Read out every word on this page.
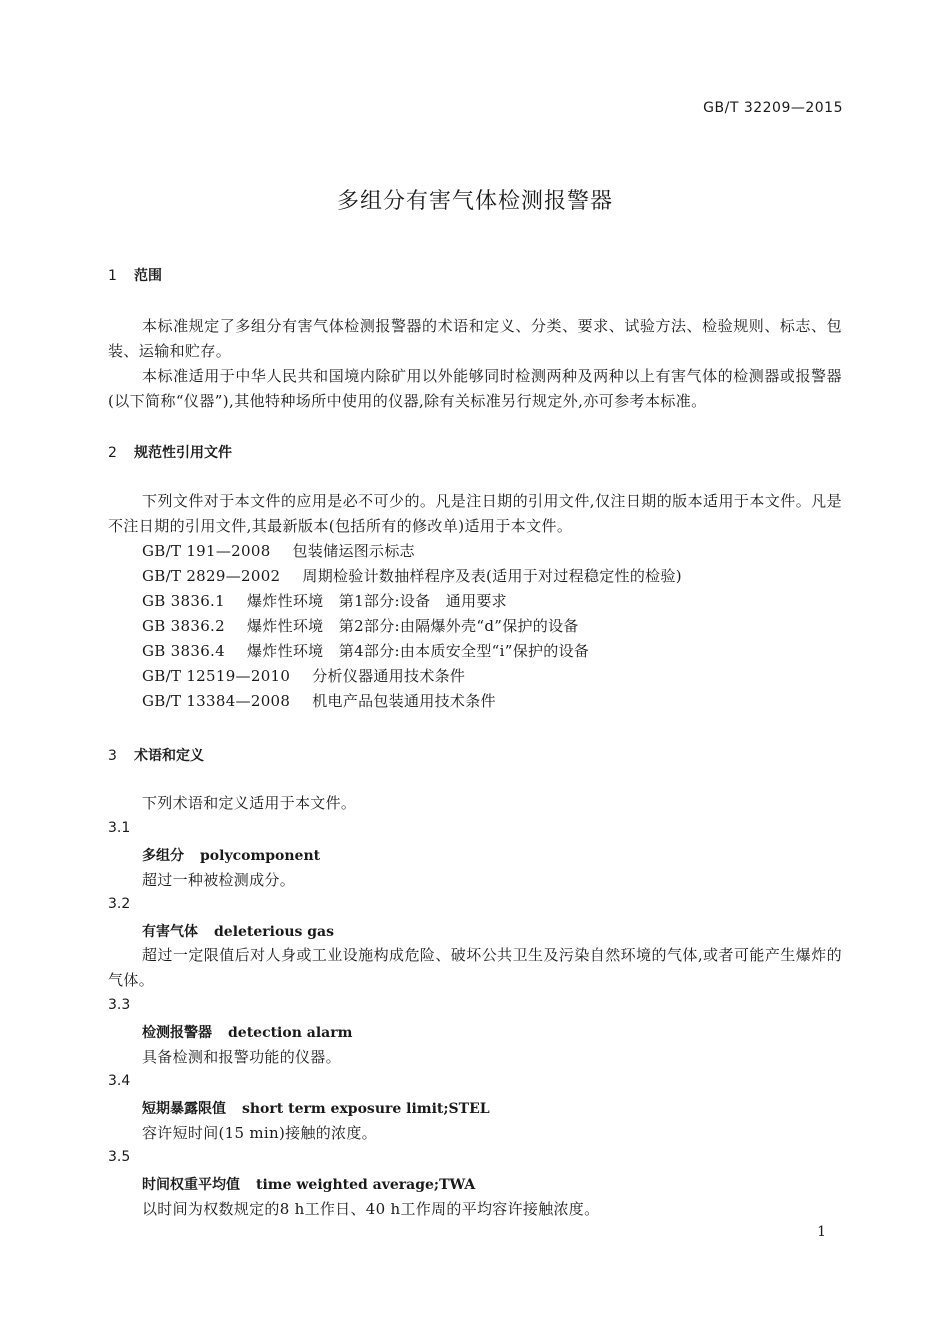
GB/T 32209—2015
多组分有害气体检测报警器
1 范围
本标准规定了多组分有害气体检测报警器的术语和定义、分类、要求、试验方法、检验规则、标志、包装、运输和贮存。
本标准适用于中华人民共和国境内除矿用以外能够同时检测两种及两种以上有害气体的检测器或报警器(以下简称“仪器”),其他特种场所中使用的仪器,除有关标准另行规定外,亦可参考本标准。
2 规范性引用文件
下列文件对于本文件的应用是必不可少的。凡是注日期的引用文件,仅注日期的版本适用于本文件。凡是不注日期的引用文件,其最新版本(包括所有的修改单)适用于本文件。
GB/T 191—2008 包装储运图示标志
GB/T 2829—2002 周期检验计数抽样程序及表(适用于对过程稳定性的检验)
GB 3836.1 爆炸性环境　第1部分:设备　通用要求
GB 3836.2 爆炸性环境　第2部分:由隔爆外壳“d”保护的设备
GB 3836.4 爆炸性环境　第4部分:由本质安全型“i”保护的设备
GB/T 12519—2010 分析仪器通用技术条件
GB/T 13384—2008 机电产品包装通用技术条件
3 术语和定义
下列术语和定义适用于本文件。
3.1
多组分 polycomponent
超过一种被检测成分。
3.2
有害气体 deleterious gas
超过一定限值后对人身或工业设施构成危险、破坏公共卫生及污染自然环境的气体,或者可能产生爆炸的气体。
3.3
检测报警器 detection alarm
具备检测和报警功能的仪器。
3.4
短期暴露限值 short term exposure limit;STEL
容许短时间(15 min)接触的浓度。
3.5
时间权重平均值 time weighted average;TWA
以时间为权数规定的8 h工作日、40 h工作周的平均容许接触浓度。
1
